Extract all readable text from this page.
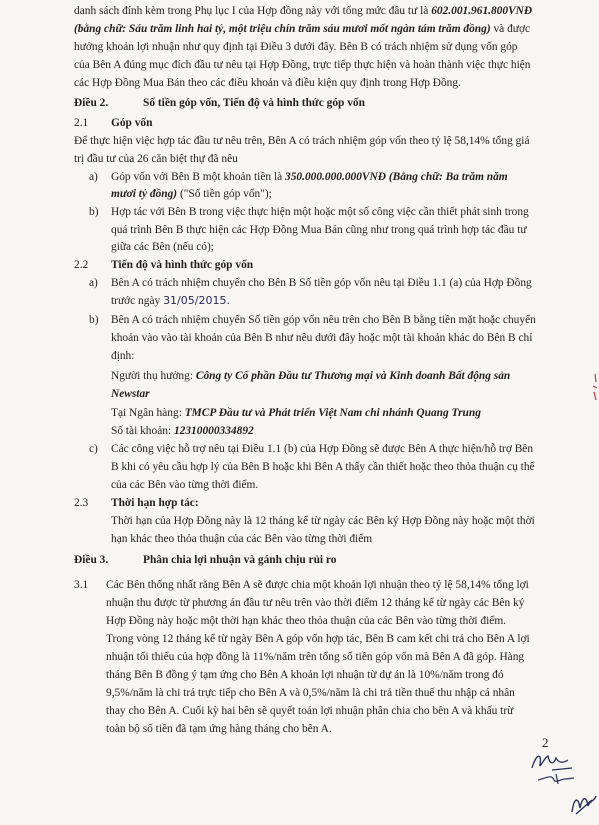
danh sách đính kèm trong Phụ lục I của Hợp đồng này với tổng mức đầu tư là 602.001.961.800VNĐ
(bằng chữ: Sáu trăm linh hai tỷ, một triệu chín trăm sáu mươi mốt ngàn tám trăm đồng) và được
hưởng khoản lợi nhuận như quy định tại Điều 3 dưới đây. Bên B có trách nhiệm sử dụng vốn góp
của Bên A đúng mục đích đầu tư nêu tại Hợp Đồng, trực tiếp thực hiện và hoàn thành việc thực hiện
các Hợp Đồng Mua Bán theo các điều khoản và điều kiện quy định trong Hợp Đồng.
Điều 2.	Số tiền góp vốn, Tiến độ và hình thức góp vốn
2.1 Góp vốn
Để thực hiện việc hợp tác đầu tư nêu trên, Bên A có trách nhiệm góp vốn theo tỷ lệ 58,14% tổng giá
trị đầu tư của 26 căn biệt thự đã nêu
a) Góp vốn với Bên B một khoản tiền là 350.000.000.000VNĐ (Bằng chữ: Ba trăm năm
mươi tỷ đồng) ("Số tiền góp vốn");
b) Hợp tác với Bên B trong việc thực hiện một hoặc một số công việc cần thiết phát sinh trong
quá trình Bên B thực hiện các Hợp Đồng Mua Bán cũng như trong quá trình hợp tác đầu tư
giữa các Bên (nếu có);
2.2 Tiến độ và hình thức góp vốn
a) Bên A có trách nhiệm chuyển cho Bên B Số tiền góp vốn nêu tại Điều 1.1 (a) của Hợp Đồng
trước ngày 31/05/2015.
b) Bên A có trách nhiệm chuyển Số tiền góp vốn nêu trên cho Bên B bằng tiền mặt hoặc chuyển
khoản vào vào tài khoản của Bên B như nêu dưới đây hoặc một tài khoản khác do Bên B chỉ
định:
Người thụ hưởng: Công ty Cổ phần Đầu tư Thương mại và Kinh doanh Bất động sản
Newstar
Tại Ngân hàng: TMCP Đầu tư và Phát triển Việt Nam chi nhánh Quang Trung
Số tài khoản: 12310000334892
c) Các công việc hỗ trợ nêu tại Điều 1.1 (b) của Hợp Đồng sẽ được Bên A thực hiện/hỗ trợ Bên
B khi có yêu cầu hợp lý của Bên B hoặc khi Bên A thấy cần thiết hoặc theo thỏa thuận cụ thể
của các Bên vào từng thời điểm.
2.3 Thời hạn hợp tác:
Thời hạn của Hợp Đồng này là 12 tháng kể từ ngày các Bên ký Hợp Đồng này hoặc một thời
hạn khác theo thỏa thuận của các Bên vào từng thời điểm
Điều 3.	Phân chia lợi nhuận và gánh chịu rủi ro
3.1 Các Bên thống nhất rằng Bên A sẽ được chia một khoản lợi nhuận theo tỷ lệ 58,14% tổng lợi
nhuận thu được từ phương án đầu tư nêu trên vào thời điểm 12 tháng kể từ ngày các Bên ký
Hợp Đồng này hoặc một thời hạn khác theo thỏa thuận của các Bên vào từng thời điểm.
Trong vòng 12 tháng kể từ ngày Bên A góp vốn hợp tác, Bên B cam kết chi trả cho Bên A lợi
nhuận tối thiểu của hợp đồng là 11%/năm trên tổng số tiền góp vốn mà Bên A đã góp. Hàng
tháng Bên B đồng ý tạm ứng cho Bên A khoản lợi nhuận từ dự án là 10%/năm trong đó
9,5%/năm là chi trả trực tiếp cho Bên A và 0,5%/năm là chi trả tiền thuế thu nhập cá nhân
thay cho Bên A. Cuối kỳ hai bên sẽ quyết toán lợi nhuận phân chia cho bên A và khấu trừ
toàn bộ số tiền đã tạm ứng hàng tháng cho bên A.
2
